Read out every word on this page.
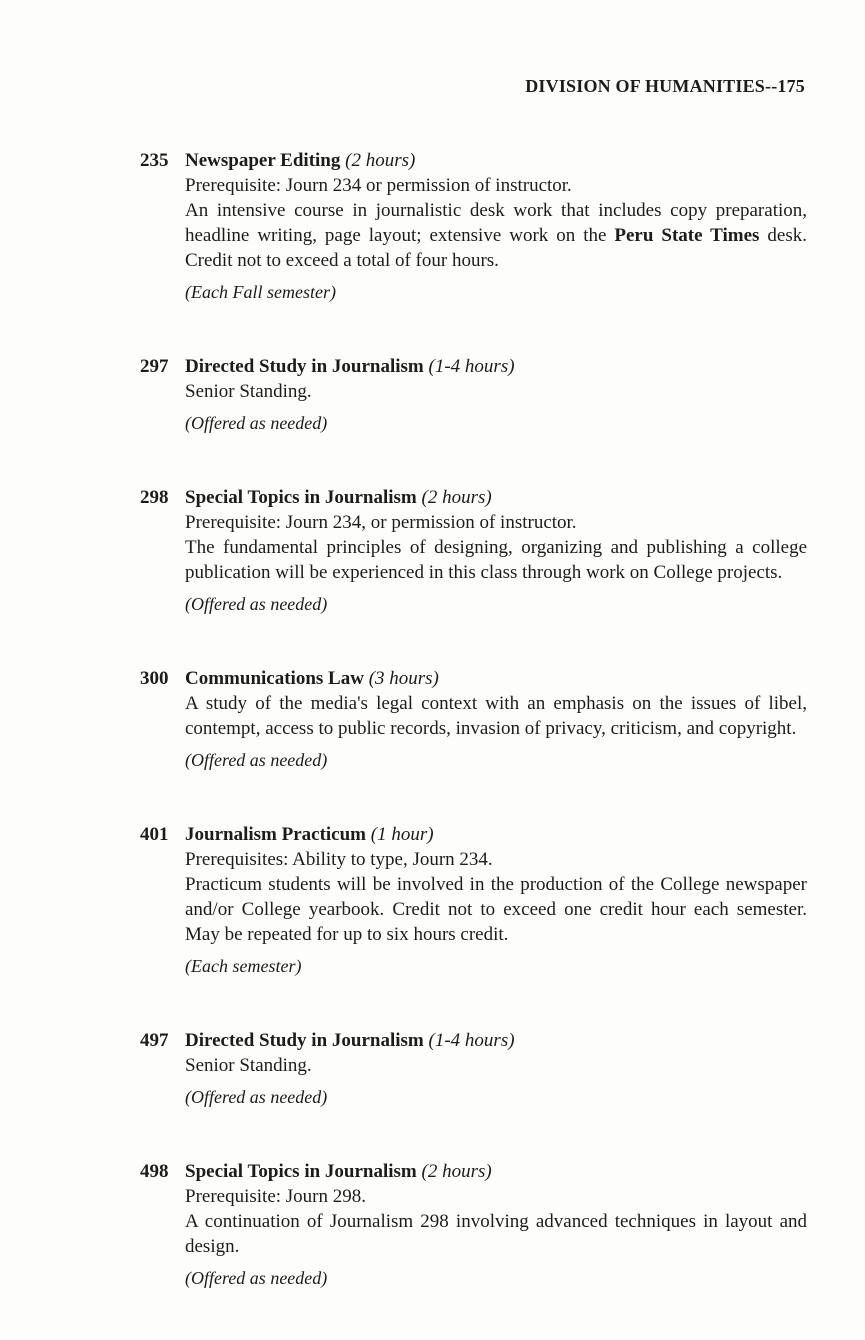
DIVISION OF HUMANITIES--175
235 Newspaper Editing (2 hours)

Prerequisite: Journ 234 or permission of instructor.

An intensive course in journalistic desk work that includes copy preparation, headline writing, page layout; extensive work on the Peru State Times desk. Credit not to exceed a total of four hours.

(Each Fall semester)
297 Directed Study in Journalism (1-4 hours)

Senior Standing.

(Offered as needed)
298 Special Topics in Journalism (2 hours)

Prerequisite: Journ 234, or permission of instructor.

The fundamental principles of designing, organizing and publishing a college publication will be experienced in this class through work on College projects.

(Offered as needed)
300 Communications Law (3 hours)

A study of the media's legal context with an emphasis on the issues of libel, contempt, access to public records, invasion of privacy, criticism, and copyright.

(Offered as needed)
401 Journalism Practicum (1 hour)

Prerequisites: Ability to type, Journ 234.

Practicum students will be involved in the production of the College newspaper and/or College yearbook. Credit not to exceed one credit hour each semester. May be repeated for up to six hours credit.

(Each semester)
497 Directed Study in Journalism (1-4 hours)

Senior Standing.

(Offered as needed)
498 Special Topics in Journalism (2 hours)

Prerequisite: Journ 298.

A continuation of Journalism 298 involving advanced techniques in layout and design.

(Offered as needed)
